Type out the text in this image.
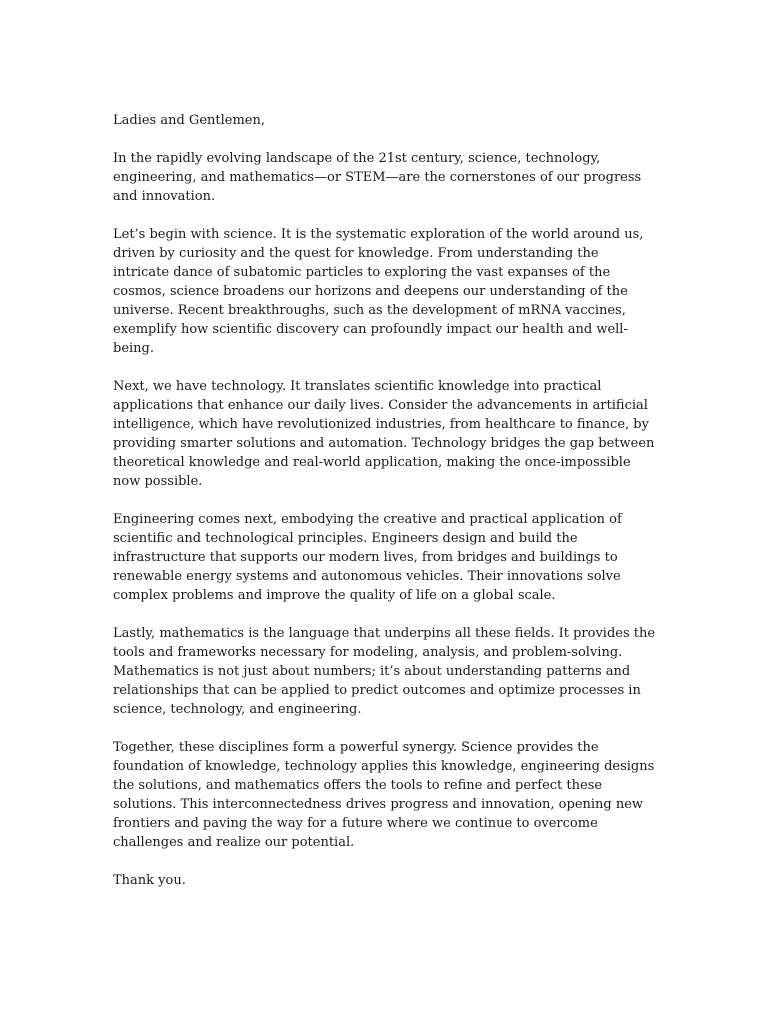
Ladies and Gentlemen,

In the rapidly evolving landscape of the 21st century, science, technology, engineering, and mathematics—or STEM—are the cornerstones of our progress and innovation.

Let’s begin with science. It is the systematic exploration of the world around us, driven by curiosity and the quest for knowledge. From understanding the intricate dance of subatomic particles to exploring the vast expanses of the cosmos, science broadens our horizons and deepens our understanding of the universe. Recent breakthroughs, such as the development of mRNA vaccines, exemplify how scientific discovery can profoundly impact our health and well-being.

Next, we have technology. It translates scientific knowledge into practical applications that enhance our daily lives. Consider the advancements in artificial intelligence, which have revolutionized industries, from healthcare to finance, by providing smarter solutions and automation. Technology bridges the gap between theoretical knowledge and real-world application, making the once-impossible now possible.

Engineering comes next, embodying the creative and practical application of scientific and technological principles. Engineers design and build the infrastructure that supports our modern lives, from bridges and buildings to renewable energy systems and autonomous vehicles. Their innovations solve complex problems and improve the quality of life on a global scale.

Lastly, mathematics is the language that underpins all these fields. It provides the tools and frameworks necessary for modeling, analysis, and problem-solving. Mathematics is not just about numbers; it’s about understanding patterns and relationships that can be applied to predict outcomes and optimize processes in science, technology, and engineering.

Together, these disciplines form a powerful synergy. Science provides the foundation of knowledge, technology applies this knowledge, engineering designs the solutions, and mathematics offers the tools to refine and perfect these solutions. This interconnectedness drives progress and innovation, opening new frontiers and paving the way for a future where we continue to overcome challenges and realize our potential.

Thank you.
